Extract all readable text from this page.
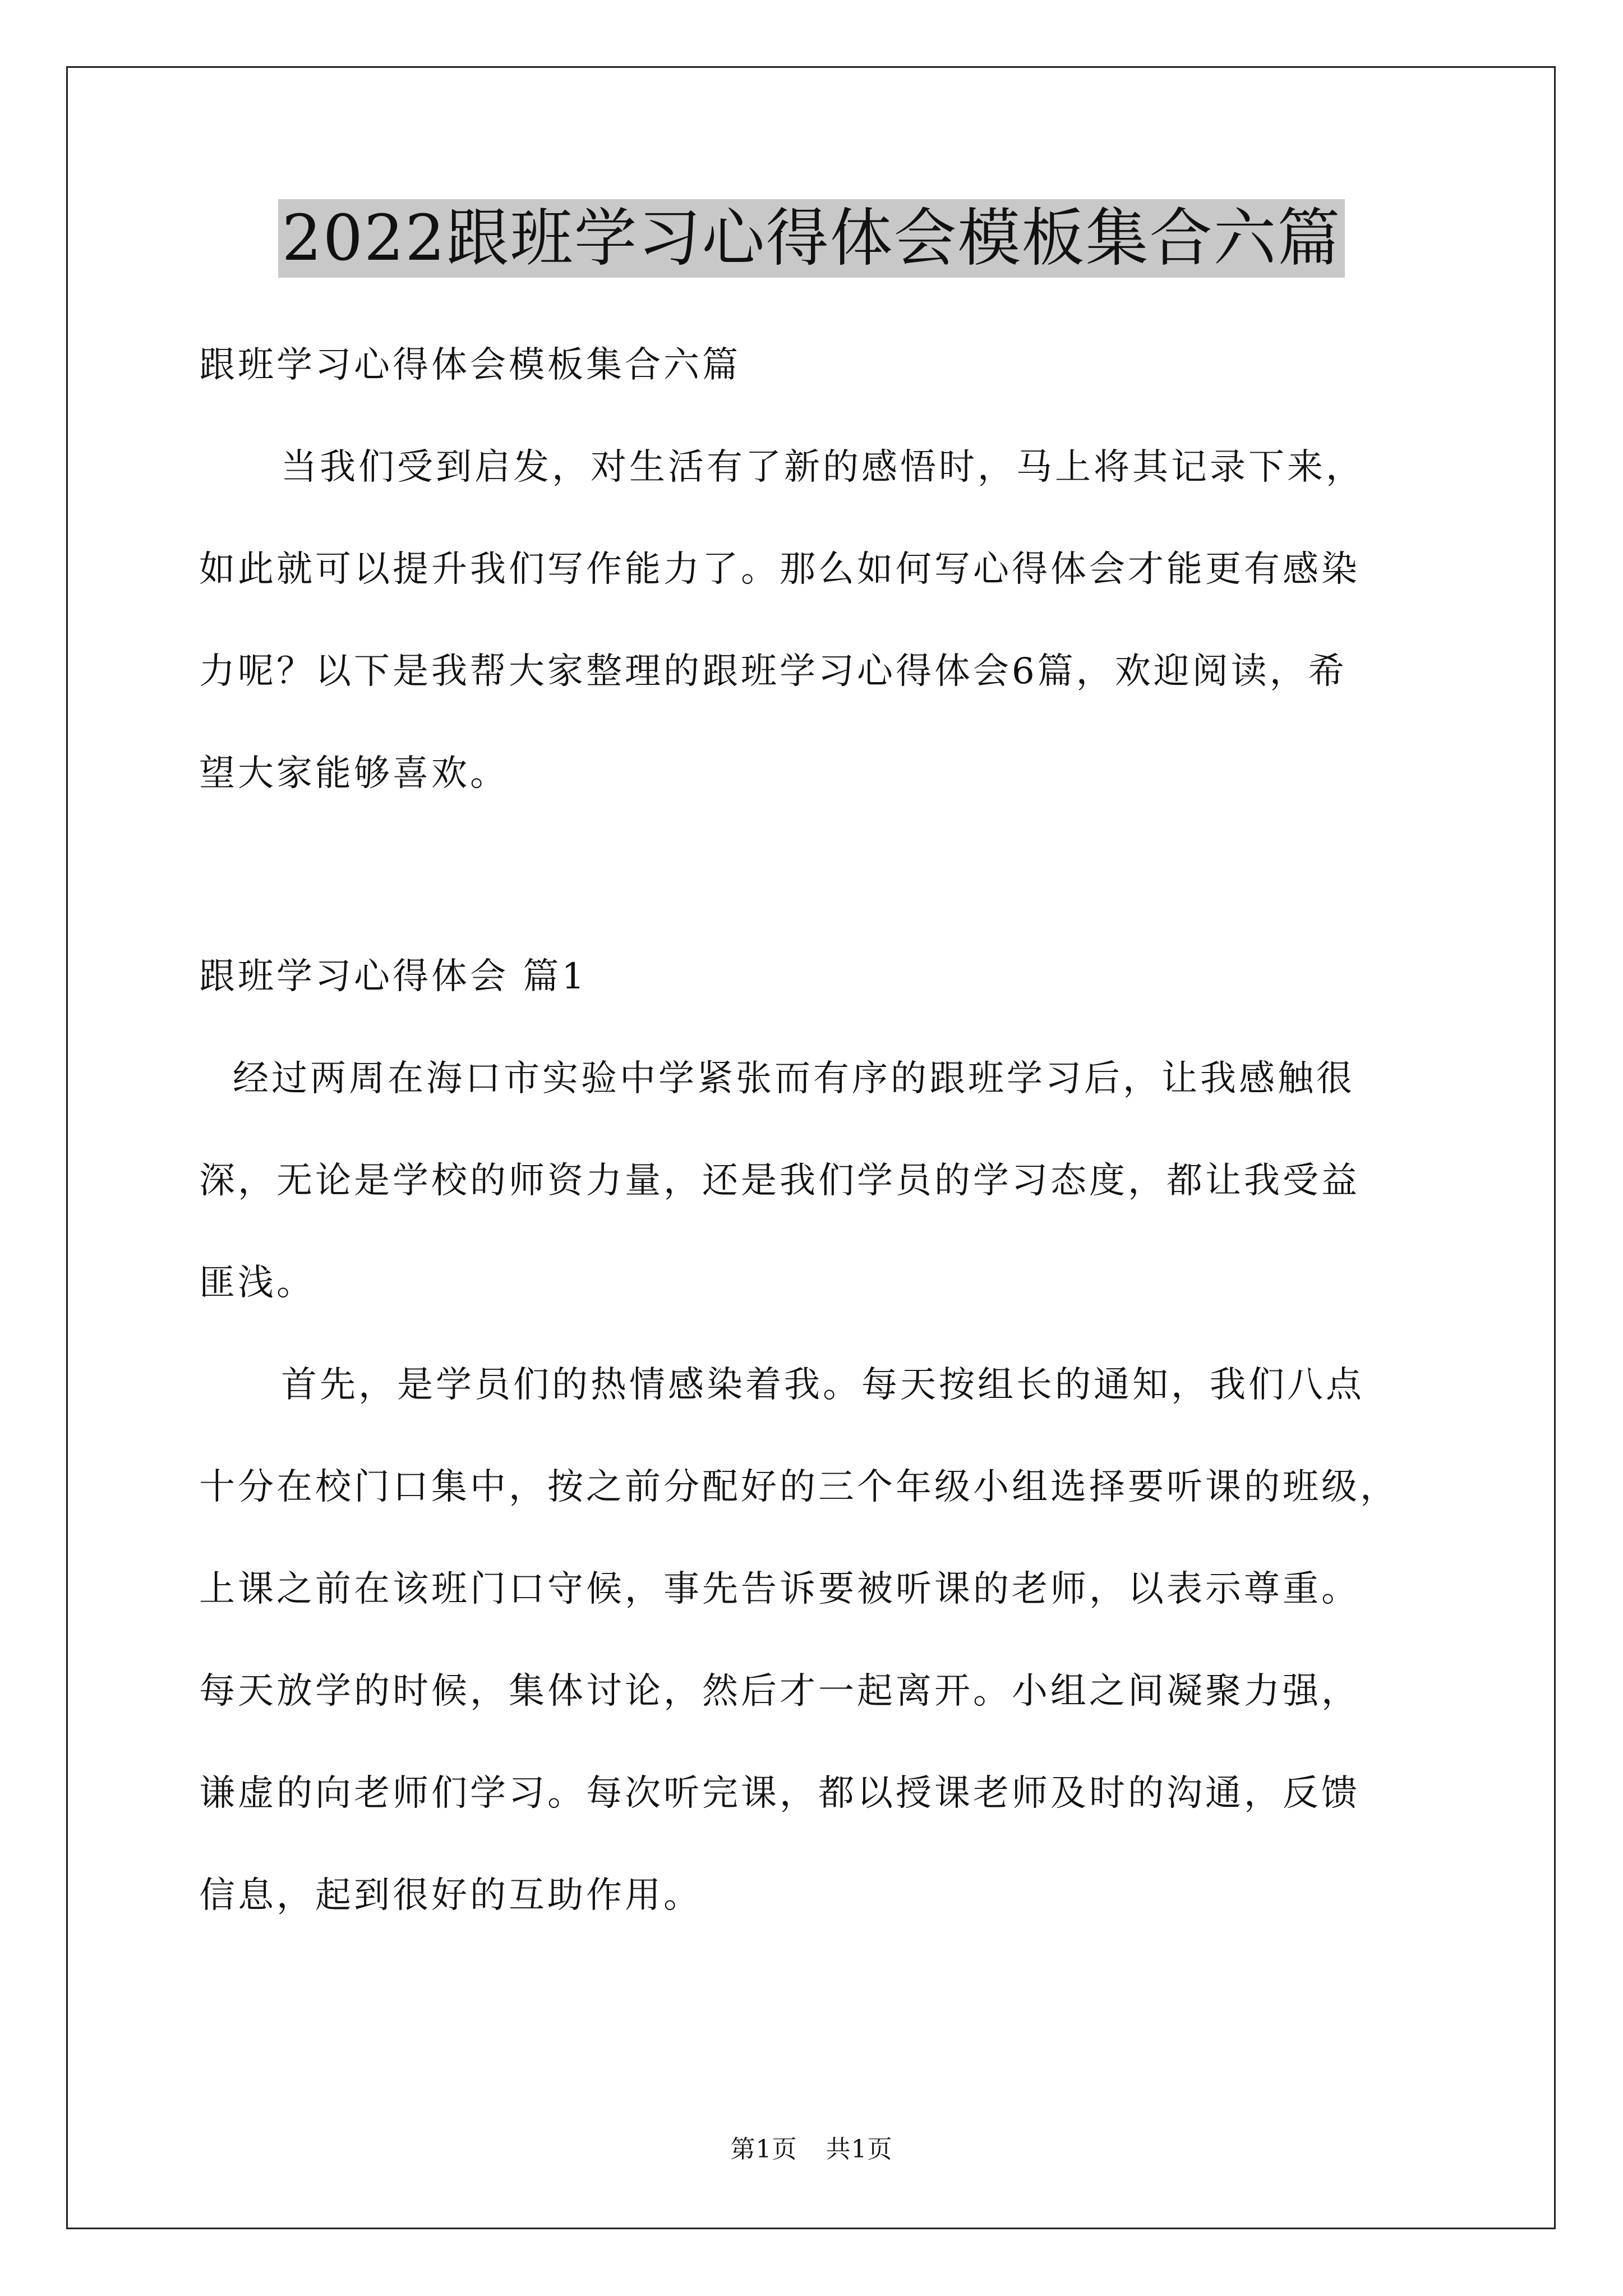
2022跟班学习心得体会模板集合六篇
跟班学习心得体会模板集合六篇
当我们受到启发，对生活有了新的感悟时，马上将其记录下来，
如此就可以提升我们写作能力了。那么如何写心得体会才能更有感染
力呢？以下是我帮大家整理的跟班学习心得体会6篇，欢迎阅读，希
望大家能够喜欢。
跟班学习心得体会 篇1
经过两周在海口市实验中学紧张而有序的跟班学习后，让我感触很
深，无论是学校的师资力量，还是我们学员的学习态度，都让我受益
匪浅。
首先，是学员们的热情感染着我。每天按组长的通知，我们八点
十分在校门口集中，按之前分配好的三个年级小组选择要听课的班级，
上课之前在该班门口守候，事先告诉要被听课的老师，以表示尊重。
每天放学的时候，集体讨论，然后才一起离开。小组之间凝聚力强，
谦虚的向老师们学习。每次听完课，都以授课老师及时的沟通，反馈
信息，起到很好的互助作用。
第1页 共1页
